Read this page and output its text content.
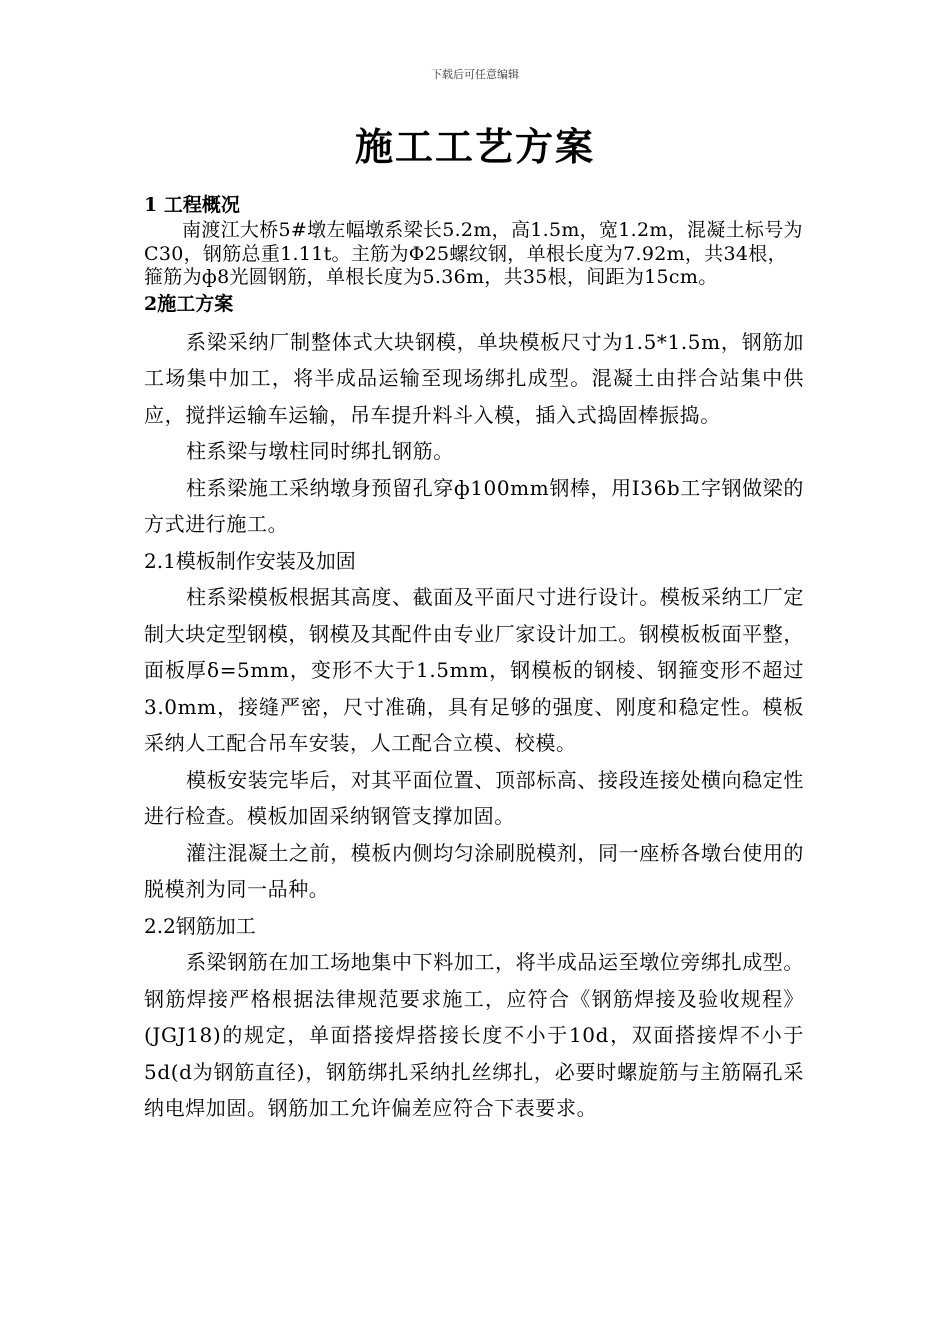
下载后可任意编辑
施工工艺方案

1 工程概况

南渡江大桥5#墩左幅墩系梁长5.2m，高1.5m，宽1.2m，混凝土标号为C30，钢筋总重1.11t。主筋为Φ25螺纹钢，单根长度为7.92m，共34根，箍筋为ф8光圆钢筋，单根长度为5.36m，共35根，间距为15cm。

2施工方案

系梁采纳厂制整体式大块钢模，单块模板尺寸为1.5*1.5m，钢筋加工场集中加工，将半成品运输至现场绑扎成型。混凝土由拌合站集中供应，搅拌运输车运输，吊车提升料斗入模，插入式捣固棒振捣。

柱系梁与墩柱同时绑扎钢筋。

柱系梁施工采纳墩身预留孔穿ф100mm钢棒，用I36b工字钢做梁的方式进行施工。

2.1模板制作安装及加固

柱系梁模板根据其高度、截面及平面尺寸进行设计。模板采纳工厂定制大块定型钢模，钢模及其配件由专业厂家设计加工。钢模板板面平整，面板厚δ=5mm，变形不大于1.5mm，钢模板的钢棱、钢箍变形不超过3.0mm，接缝严密，尺寸准确，具有足够的强度、刚度和稳定性。模板采纳人工配合吊车安装，人工配合立模、校模。

模板安装完毕后，对其平面位置、顶部标高、接段连接处横向稳定性进行检查。模板加固采纳钢管支撑加固。

灌注混凝土之前，模板内侧均匀涂刷脱模剂，同一座桥各墩台使用的脱模剂为同一品种。

2.2钢筋加工

系梁钢筋在加工场地集中下料加工，将半成品运至墩位旁绑扎成型。钢筋焊接严格根据法律规范要求施工，应符合《钢筋焊接及验收规程》(JGJ18)的规定，单面搭接焊搭接长度不小于10d，双面搭接焊不小于5d(d为钢筋直径)，钢筋绑扎采纳扎丝绑扎，必要时螺旋筋与主筋隔孔采纳电焊加固。钢筋加工允许偏差应符合下表要求。
